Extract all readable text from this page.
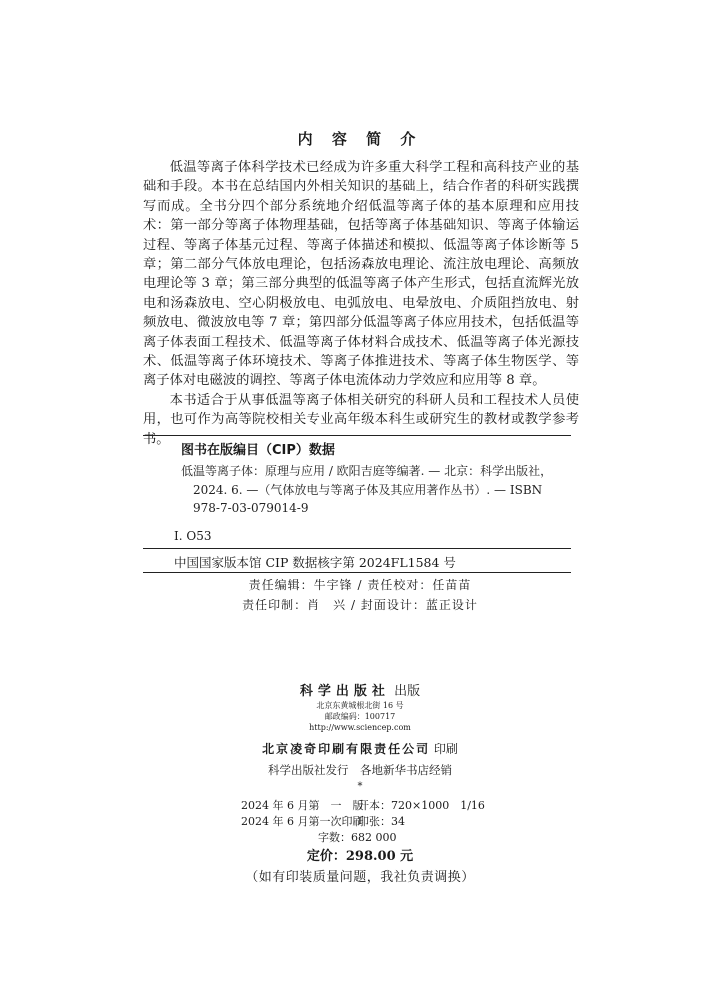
内 容 简 介

低温等离子体科学技术已经成为许多重大科学工程和高科技产业的基础和手段。本书在总结国内外相关知识的基础上，结合作者的科研实践撰写而成。全书分四个部分系统地介绍低温等离子体的基本原理和应用技术：第一部分等离子体物理基础，包括等离子体基础知识、等离子体输运过程、等离子体基元过程、等离子体描述和模拟、低温等离子体诊断等 5 章；第二部分气体放电理论，包括汤森放电理论、流注放电理论、高频放电理论等 3 章；第三部分典型的低温等离子体产生形式，包括直流辉光放电和汤森放电、空心阴极放电、电弧放电、电晕放电、介质阻挡放电、射频放电、微波放电等 7 章；第四部分低温等离子体应用技术，包括低温等离子体表面工程技术、低温等离子体材料合成技术、低温等离子体光源技术、低温等离子体环境技术、等离子体推进技术、等离子体生物医学、等离子体对电磁波的调控、等离子体电流体动力学效应和应用等 8 章。

本书适合于从事低温等离子体相关研究的科研人员和工程技术人员使用，也可作为高等院校相关专业高年级本科生或研究生的教材或教学参考书。

图书在版编目（CIP）数据
低温等离子体：原理与应用 / 欧阳吉庭等编著. — 北京：科学出版社，2024. 6. —（气体放电与等离子体及其应用著作丛书）. — ISBN 978-7-03-079014-9
Ⅰ. O53
中国国家版本馆 CIP 数据核字第 2024FL1584 号
责任编辑：牛宇锋 / 责任校对：任苗苗
责任印制：肖　兴 / 封面设计：蓝正设计
科学出版社 出版
北京东黄城根北街 16 号
邮政编码：100717
http://www.sciencep.com
北京凌奇印刷有限责任公司 印刷
科学出版社发行　各地新华书店经销
*
2024 年 6 月第　一　版
开本：720×1000　1/16
2024 年 6 月第一次印刷
印张：34
字数：682 000
定价：298.00 元
（如有印装质量问题，我社负责调换）
